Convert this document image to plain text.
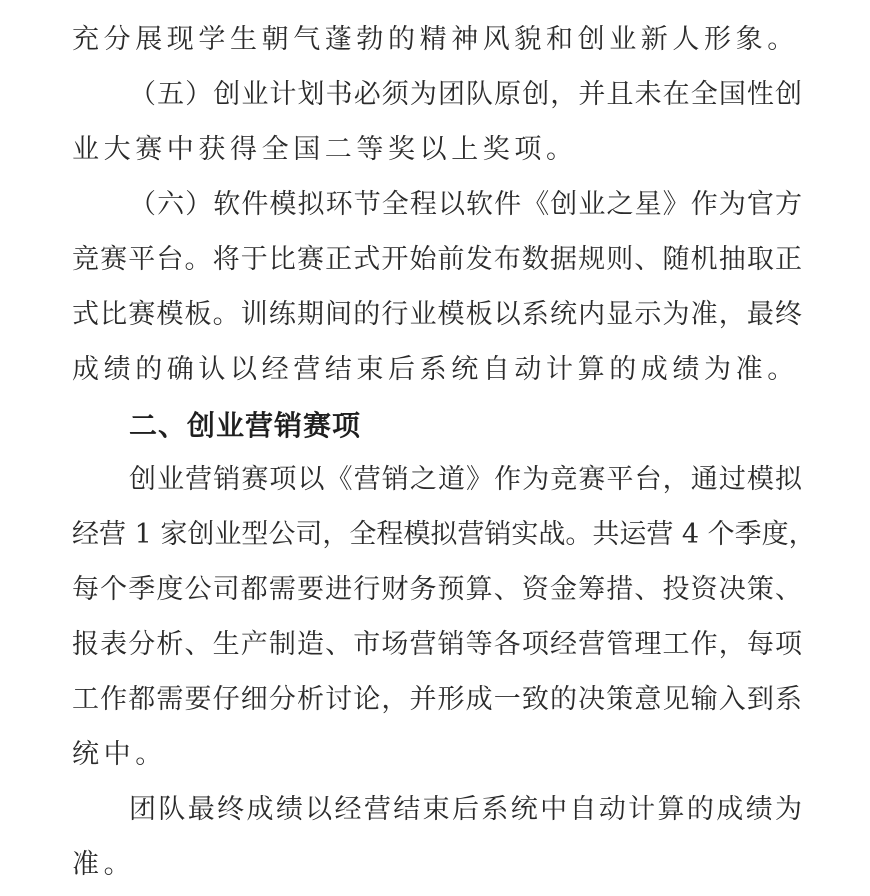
充分展现学生朝气蓬勃的精神风貌和创业新人形象。
（五）创业计划书必须为团队原创，并且未在全国性创
业大赛中获得全国二等奖以上奖项。
（六）软件模拟环节全程以软件《创业之星》作为官方
竞赛平台。将于比赛正式开始前发布数据规则、随机抽取正
式比赛模板。训练期间的行业模板以系统内显示为准，最终
成绩的确认以经营结束后系统自动计算的成绩为准。
二、创业营销赛项
创业营销赛项以《营销之道》作为竞赛平台，通过模拟
经营 1 家创业型公司，全程模拟营销实战。共运营 4 个季度，
每个季度公司都需要进行财务预算、资金筹措、投资决策、
报表分析、生产制造、市场营销等各项经营管理工作，每项
工作都需要仔细分析讨论，并形成一致的决策意见输入到系
统中。
团队最终成绩以经营结束后系统中自动计算的成绩为
准。
